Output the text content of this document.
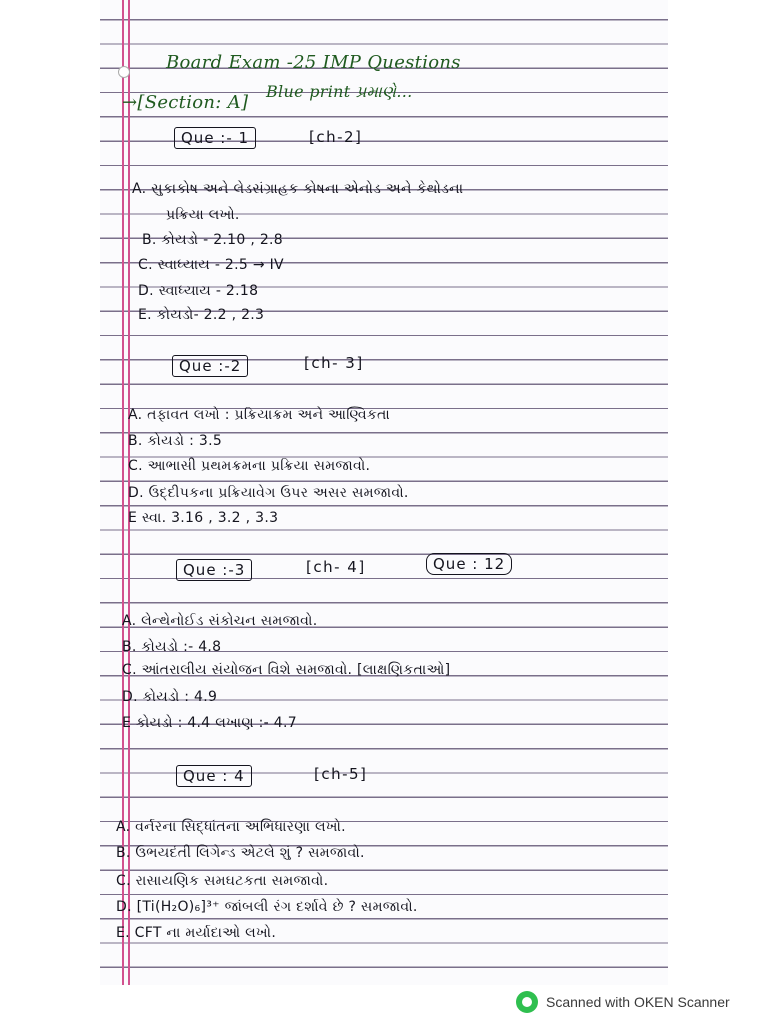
Board Exam -25 IMP Questions
→[Section: A]
Blue print પ્રમાણે...
Que :- 1	[ch-2]
A. સુકાકોષ અને લેડસંગ્રાહક કોષના એનોડ અને કેથોડના
પ્રક્રિયા લખો.
B. કોયડો - 2.10 , 2.8
C. સ્વાધ્યાય - 2.5 → IV
D. સ્વાધ્યાય - 2.18
E. કોયડો- 2.2 , 2.3
Que :-2	[ch- 3]
A. તફાવત લખો : પ્રક્રિયાક્રમ અને આણ્વિકતા
B. કોયડો : 3.5
C. આભાસી પ્રથમક્રમના પ્રક્રિયા સમજાવો.
D. ઉદ્દીપકના પ્રક્રિયાવેગ ઉપર અસર સમજાવો.
E સ્વા. 3.16 , 3.2 , 3.3
Que :-3	[ch- 4]	Que : 12
A. લેન્થેનોઈડ સંકોચન સમજાવો.
B. કોયડો :- 4.8
C. આંતરાલીય સંયોજન વિશે સમજાવો. [લાક્ષણિકતાઓ]
D. કોયડો : 4.9
E કોયડો : 4.4 લખાણ :- 4.7
Que : 4	[ch-5]
A. વર્નરના સિદ્ધાંતના અભિધારણા લખો.
B. ઉભયદંતી લિગેન્ડ એટલે શું ? સમજાવો.
C. રાસાયણિક સમઘટકતા સમજાવો.
D. [Ti(H₂O)₆]³⁺ જાંબલી રંગ દર્શાવે છે ? સમજાવો.
E. CFT ના મર્યાદાઓ લખો.
Scanned with OKEN Scanner
